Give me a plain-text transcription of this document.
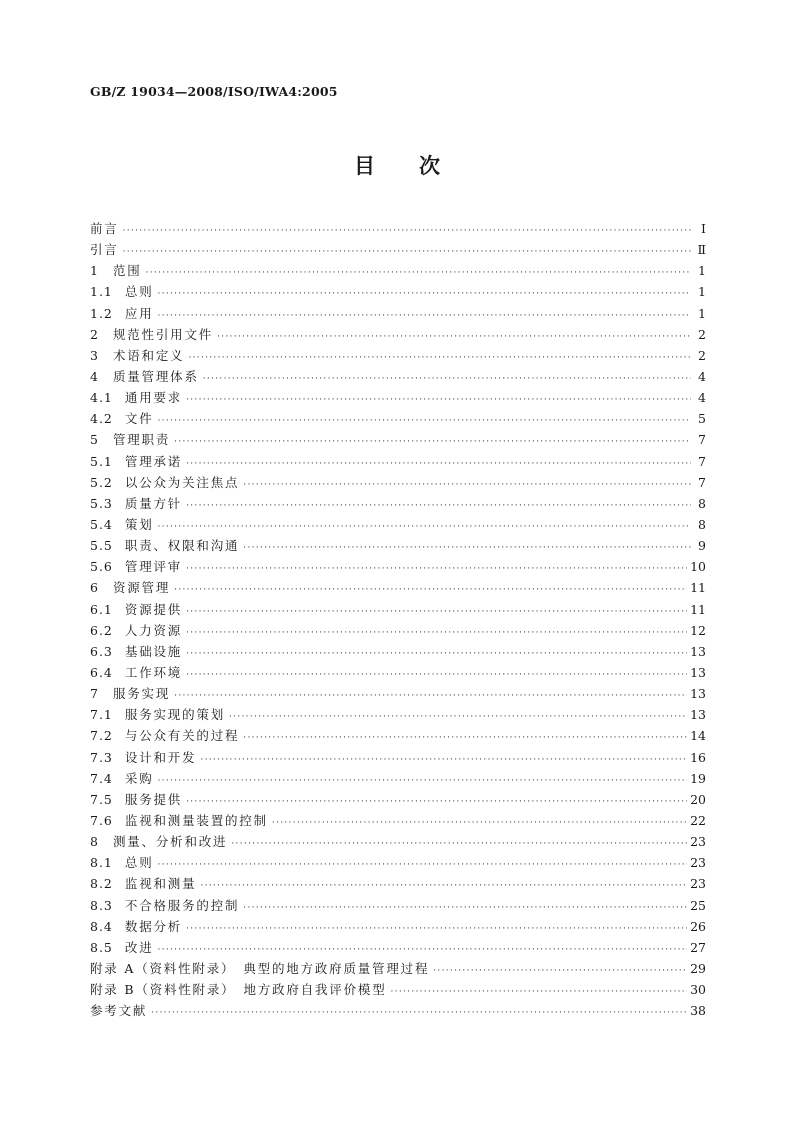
GB/Z 19034—2008/ISO/IWA4:2005
目次
前言 ·····	Ⅰ
引言 ·····	Ⅱ
1 范围 ·····	1
1.1 总则 ·····	1
1.2 应用 ·····	1
2 规范性引用文件 ·····	2
3 术语和定义 ·····	2
4 质量管理体系 ·····	4
4.1 通用要求 ·····	4
4.2 文件 ·····	5
5 管理职责 ·····	7
5.1 管理承诺 ·····	7
5.2 以公众为关注焦点 ·····	7
5.3 质量方针 ·····	8
5.4 策划 ·····	8
5.5 职责、权限和沟通 ·····	9
5.6 管理评审 ·····	10
6 资源管理 ·····	11
6.1 资源提供 ·····	11
6.2 人力资源 ·····	12
6.3 基础设施 ·····	13
6.4 工作环境 ·····	13
7 服务实现 ·····	13
7.1 服务实现的策划 ·····	13
7.2 与公众有关的过程 ·····	14
7.3 设计和开发 ·····	16
7.4 采购 ·····	19
7.5 服务提供 ·····	20
7.6 监视和测量装置的控制 ·····	22
8 测量、分析和改进 ·····	23
8.1 总则 ·····	23
8.2 监视和测量 ·····	23
8.3 不合格服务的控制 ·····	25
8.4 数据分析 ·····	26
8.5 改进 ·····	27
附录 A（资料性附录）　典型的地方政府质量管理过程 ·····	29
附录 B（资料性附录）　地方政府自我评价模型 ·····	30
参考文献 ·····	38
